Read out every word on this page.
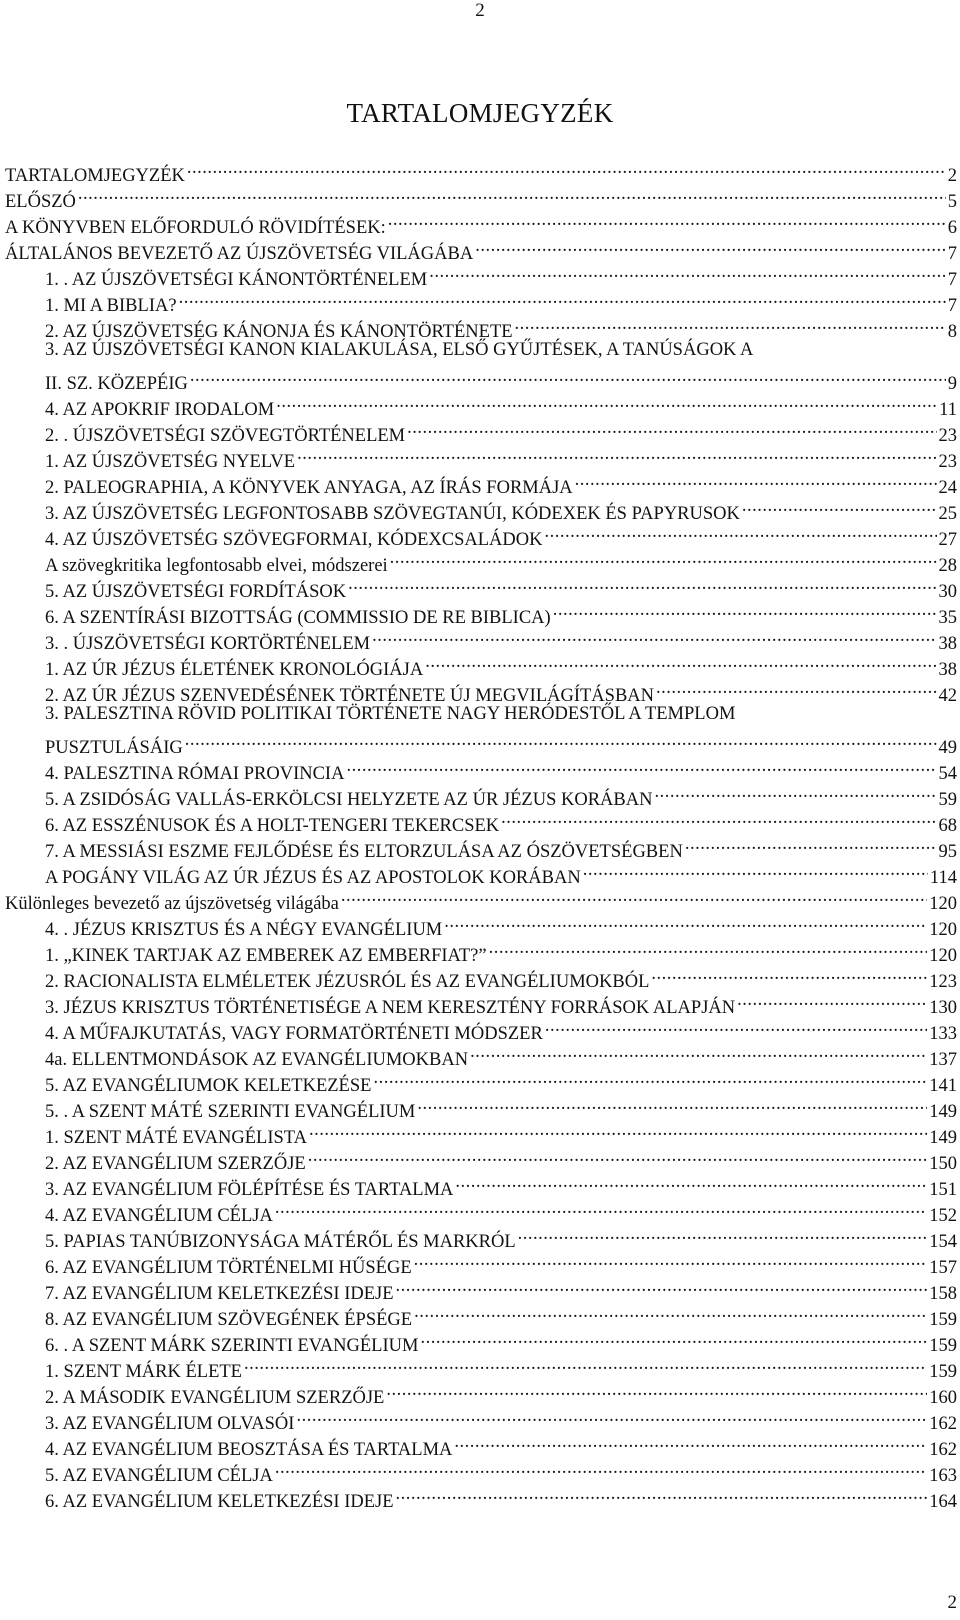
2
TARTALOMJEGYZÉK
TARTALOMJEGYZÉK .....	2
ELŐSZÓ .....	5
A KÖNYVBEN ELŐFORDULÓ RÖVIDÍTÉSEK: .....	6
ÁLTALÁNOS BEVEZETŐ AZ ÚJSZÖVETSÉG VILÁGÁBA .....	7
1. . AZ ÚJSZÖVETSÉGI KÁNONTÖRTÉNELEM .....	7
1. MI A BIBLIA? .....	7
2. AZ ÚJSZÖVETSÉG KÁNONJA ÉS KÁNONTÖRTÉNETE .....	8
3. AZ ÚJSZÖVETSÉGI KANON KIALAKULÁSA, ELSŐ GYŰJTÉSEK, A TANÚSÁGOK A
II. SZ. KÖZEPÉIG .....	9
4. AZ APOKRIF IRODALOM .....	11
2. . ÚJSZÖVETSÉGI SZÖVEGTÖRTÉNELEM .....	23
1. AZ ÚJSZÖVETSÉG NYELVE .....	23
2. PALEOGRAPHIA, A KÖNYVEK ANYAGA, AZ ÍRÁS FORMÁJA .....	24
3. AZ ÚJSZÖVETSÉG LEGFONTOSABB SZÖVEGTANÚI, KÓDEXEK ÉS PAPYRUSOK .....	25
4. AZ ÚJSZÖVETSÉG SZÖVEGFORMAI, KÓDEXCSALÁDOK .....	27
A szövegkritika legfontosabb elvei, módszerei .....	28
5. AZ ÚJSZÖVETSÉGI FORDÍTÁSOK .....	30
6. A SZENTÍRÁSI BIZOTTSÁG (COMMISSIO DE RE BIBLICA) .....	35
3. . ÚJSZÖVETSÉGI KORTÖRTÉNELEM .....	38
1. AZ ÚR JÉZUS ÉLETÉNEK KRONOLÓGIÁJA .....	38
2. AZ ÚR JÉZUS SZENVEDÉSÉNEK TÖRTÉNETE ÚJ MEGVILÁGÍTÁSBAN .....	42
3. PALESZTINA RÖVID POLITIKAI TÖRTÉNETE NAGY HERÓDESTŐL A TEMPLOM
PUSZTULÁSÁIG .....	49
4. PALESZTINA RÓMAI PROVINCIA .....	54
5. A ZSIDÓSÁG VALLÁS-ERKÖLCSI HELYZETE AZ ÚR JÉZUS KORÁBAN .....	59
6. AZ ESSZÉNUSOK ÉS A HOLT-TENGERI TEKERCSEK .....	68
7. A MESSIÁSI ESZME FEJLŐDÉSE ÉS ELTORZULÁSA AZ ÓSZÖVETSÉGBEN .....	95
A POGÁNY VILÁG AZ ÚR JÉZUS ÉS AZ APOSTOLOK KORÁBAN .....	114
Különleges bevezető az újszövetség világába .....	120
4. . JÉZUS KRISZTUS ÉS A NÉGY EVANGÉLIUM .....	120
1. „KINEK TARTJAK AZ EMBEREK AZ EMBERFIAT?” .....	120
2. RACIONALISTA ELMÉLETEK JÉZUSRÓL ÉS AZ EVANGÉLIUMOKBÓL .....	123
3. JÉZUS KRISZTUS TÖRTÉNETISÉGE A NEM KERESZTÉNY FORRÁSOK ALAPJÁN .....	130
4. A MŰFAJKUTATÁS, VAGY FORMATÖRTÉNETI MÓDSZER .....	133
4a. ELLENTMONDÁSOK AZ EVANGÉLIUMOKBAN .....	137
5. AZ EVANGÉLIUMOK KELETKEZÉSE .....	141
5. . A SZENT MÁTÉ SZERINTI EVANGÉLIUM .....	149
1. SZENT MÁTÉ EVANGÉLISTA .....	149
2. AZ EVANGÉLIUM SZERZŐJE .....	150
3. AZ EVANGÉLIUM FÖLÉPÍTÉSE ÉS TARTALMA .....	151
4. AZ EVANGÉLIUM CÉLJA .....	152
5. PAPIAS TANÚBIZONYSÁGA MÁTÉRŐL ÉS MARKRÓL .....	154
6. AZ EVANGÉLIUM TÖRTÉNELMI HŰSÉGE .....	157
7. AZ EVANGÉLIUM KELETKEZÉSI IDEJE .....	158
8. AZ EVANGÉLIUM SZÖVEGÉNEK ÉPSÉGE .....	159
6. . A SZENT MÁRK SZERINTI EVANGÉLIUM .....	159
1. SZENT MÁRK ÉLETE .....	159
2. A MÁSODIK EVANGÉLIUM SZERZŐJE .....	160
3. AZ EVANGÉLIUM OLVASÓI .....	162
4. AZ EVANGÉLIUM BEOSZTÁSA ÉS TARTALMA .....	162
5. AZ EVANGÉLIUM CÉLJA .....	163
6. AZ EVANGÉLIUM KELETKEZÉSI IDEJE .....	164
2
